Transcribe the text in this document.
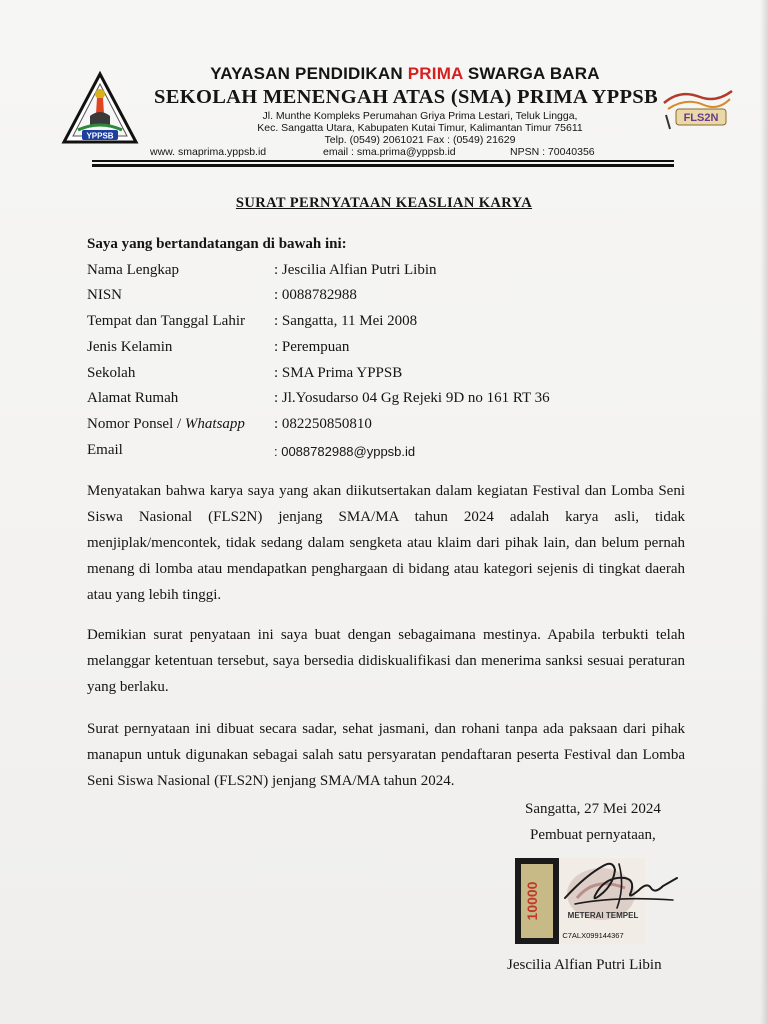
YPPSB
YAYASAN PENDIDIKAN PRIMA SWARGA BARA
SEKOLAH MENENGAH ATAS (SMA) PRIMA YPPSB
Jl. Munthe Kompleks Perumahan Griya Prima Lestari, Teluk Lingga,
Kec. Sangatta Utara, Kabupaten Kutai Timur, Kalimantan Timur 75611
Telp. (0549) 2061021 Fax : (0549) 21629
www. smaprima.yppsb.id	email : sma.prima@yppsb.id	NPSN : 70040356
FLS2N
SURAT PERNYATAAN KEASLIAN KARYA
Saya yang bertandatangan di bawah ini:
Nama Lengkap	: Jescilia Alfian Putri Libin
NISN	: 0088782988
Tempat dan Tanggal Lahir : Sangatta, 11 Mei 2008
Jenis Kelamin	: Perempuan
Sekolah	: SMA Prima YPPSB
Alamat Rumah	: Jl.Yosudarso 04 Gg Rejeki 9D no 161 RT 36
Nomor Ponsel / Whatsapp : 082250850810
Email	: 0088782988@yppsb.id

Menyatakan bahwa karya saya yang akan diikutsertakan dalam kegiatan Festival dan Lomba Seni Siswa Nasional (FLS2N) jenjang SMA/MA tahun 2024 adalah karya asli, tidak menjiplak/mencontek, tidak sedang dalam sengketa atau klaim dari pihak lain, dan belum pernah menang di lomba atau mendapatkan penghargaan di bidang atau kategori sejenis di tingkat daerah atau yang lebih tinggi.

Demikian surat penyataan ini saya buat dengan sebagaimana mestinya. Apabila terbukti telah melanggar ketentuan tersebut, saya bersedia didiskualifikasi dan menerima sanksi sesuai peraturan yang berlaku.

Surat pernyataan ini dibuat secara sadar, sehat jasmani, dan rohani tanpa ada paksaan dari pihak manapun untuk digunakan sebagai salah satu persyaratan pendaftaran peserta Festival dan Lomba Seni Siswa Nasional (FLS2N) jenjang SMA/MA tahun 2024.

Sangatta, 27 Mei 2024
Pembuat pernyataan,
10000	METERAI TEMPEL
C7ALX099144367
Jescilia Alfian Putri Libin
